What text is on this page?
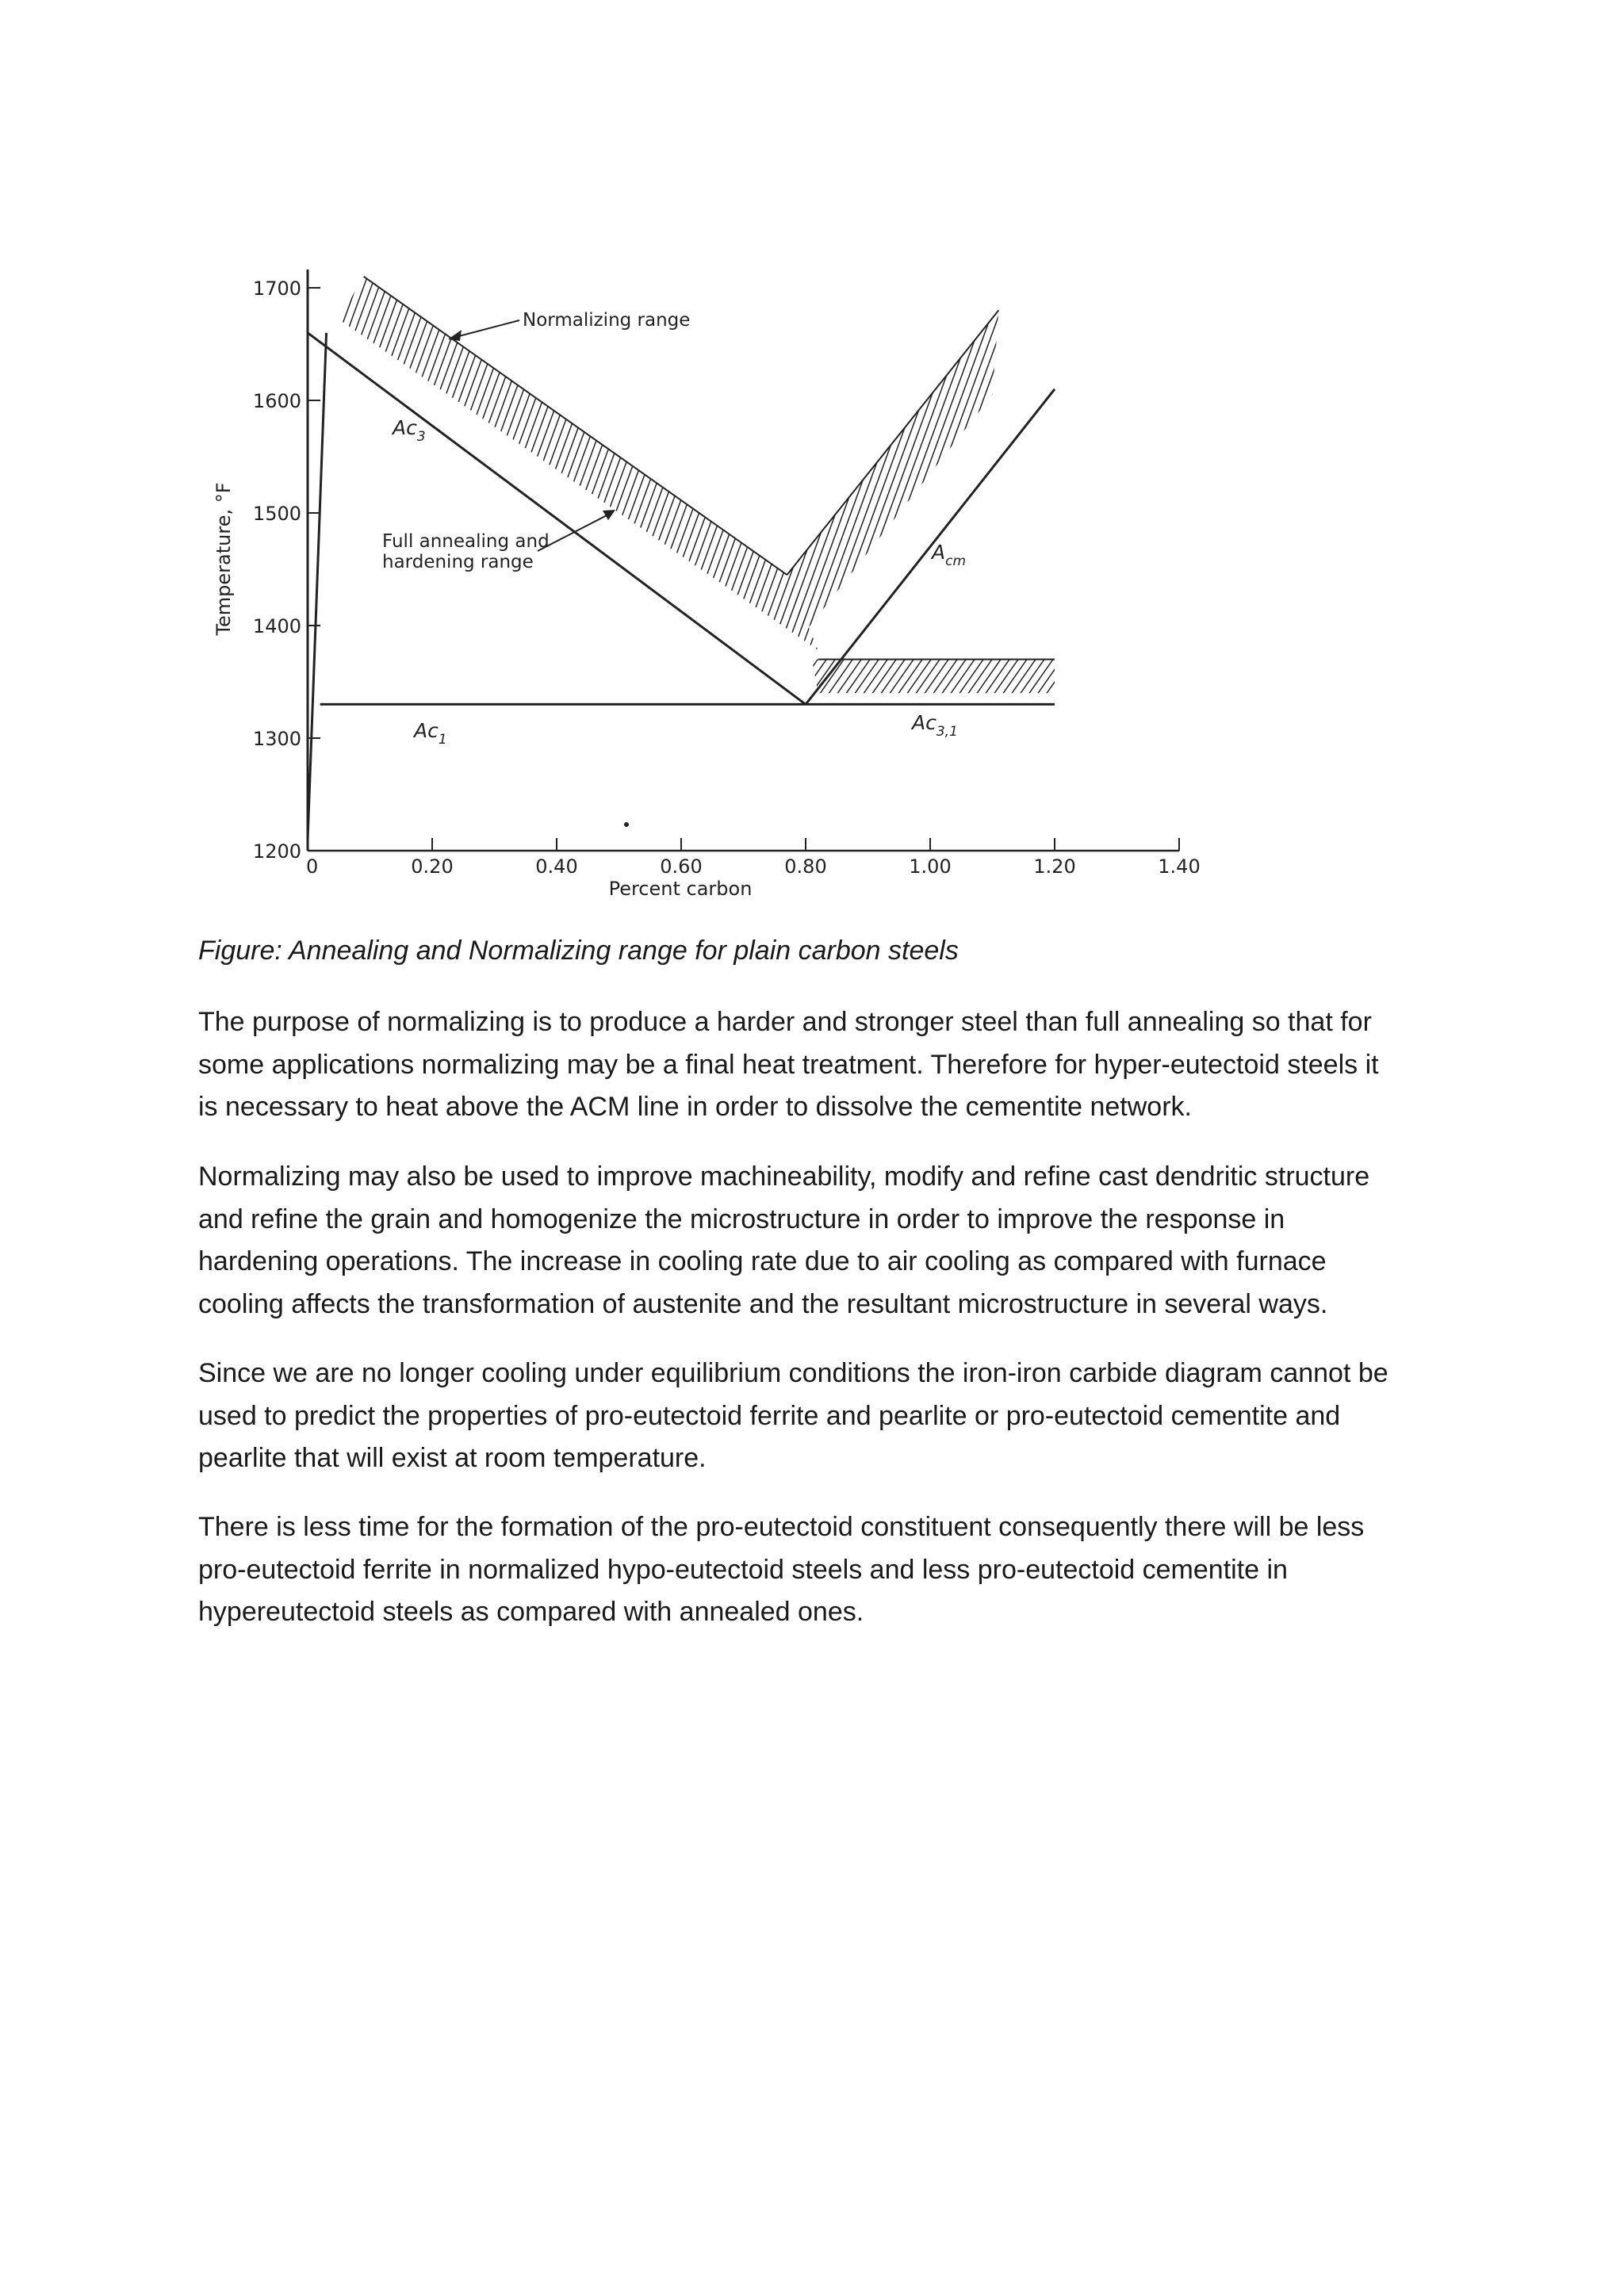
1700
1600
1500
1400
1300
1200
0	0.20	0.40	0.60	0.80	1.00	1.20	1.40
Normalizing range
Full annealing and
hardening range
$Ac_3$
$A_{cm}$
$Ac_1$
$Ac_{3,1}$
Percent carbon
Temperature, °F

Figure: Annealing and Normalizing range for plain carbon steels

The purpose of normalizing is to produce a harder and stronger steel than full annealing so that for
some applications normalizing may be a final heat treatment. Therefore for hyper-eutectoid steels it
is necessary to heat above the ACM line in order to dissolve the cementite network.
Normalizing may also be used to improve machineability, modify and refine cast dendritic structure
and refine the grain and homogenize the microstructure in order to improve the response in
hardening operations. The increase in cooling rate due to air cooling as compared with furnace
cooling affects the transformation of austenite and the resultant microstructure in several ways.
Since we are no longer cooling under equilibrium conditions the iron-iron carbide diagram cannot be
used to predict the properties of pro-eutectoid ferrite and pearlite or pro-eutectoid cementite and
pearlite that will exist at room temperature.
There is less time for the formation of the pro-eutectoid constituent consequently there will be less
pro-eutectoid ferrite in normalized hypo-eutectoid steels and less pro-eutectoid cementite in
hypereutectoid steels as compared with annealed ones.
